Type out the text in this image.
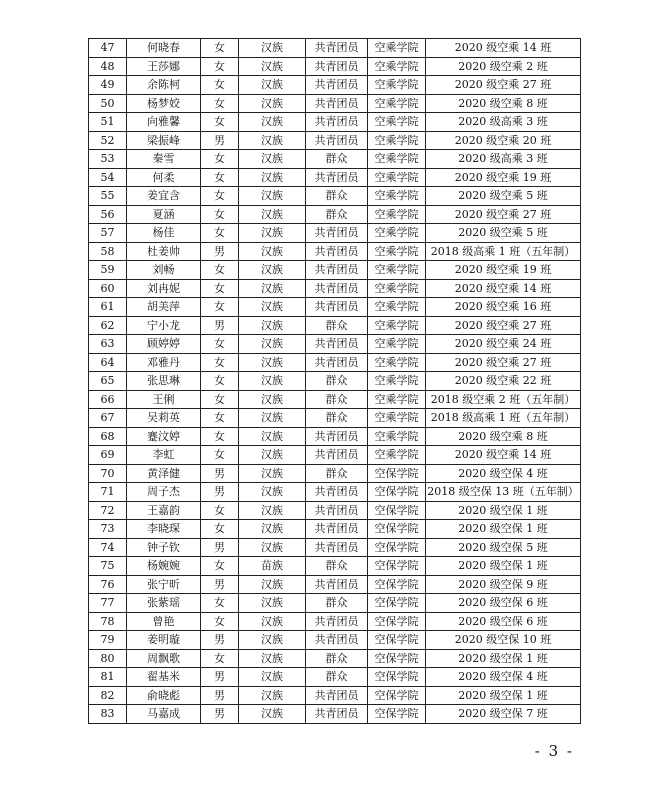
47	何晓春	女	汉族	共青团员	空乘学院	2020 级空乘 14 班
48	王莎娜	女	汉族	共青团员	空乘学院	2020 级空乘 2 班
49	余陈柯	女	汉族	共青团员	空乘学院	2020 级空乘 27 班
50	杨梦姣	女	汉族	共青团员	空乘学院	2020 级空乘 8 班
51	向雅馨	女	汉族	共青团员	空乘学院	2020 级高乘 3 班
52	梁振峰	男	汉族	共青团员	空乘学院	2020 级空乘 20 班
53	秦雪	女	汉族	群众	空乘学院	2020 级高乘 3 班
54	何柔	女	汉族	共青团员	空乘学院	2020 级空乘 19 班
55	姜宜含	女	汉族	群众	空乘学院	2020 级空乘 5 班
56	夏涵	女	汉族	群众	空乘学院	2020 级空乘 27 班
57	杨佳	女	汉族	共青团员	空乘学院	2020 级空乘 5 班
58	杜姜帅	男	汉族	共青团员	空乘学院	2018 级高乘 1 班（五年制）
59	刘畅	女	汉族	共青团员	空乘学院	2020 级空乘 19 班
60	刘冉妮	女	汉族	共青团员	空乘学院	2020 级空乘 14 班
61	胡美萍	女	汉族	共青团员	空乘学院	2020 级空乘 16 班
62	宁小龙	男	汉族	群众	空乘学院	2020 级空乘 27 班
63	顾婷婷	女	汉族	共青团员	空乘学院	2020 级空乘 24 班
64	邓雅丹	女	汉族	共青团员	空乘学院	2020 级空乘 27 班
65	张思琳	女	汉族	群众	空乘学院	2020 级空乘 22 班
66	王俐	女	汉族	群众	空乘学院	2018 级空乘 2 班（五年制）
67	吴莉英	女	汉族	群众	空乘学院	2018 级高乘 1 班（五年制）
68	蹇汶婷	女	汉族	共青团员	空乘学院	2020 级空乘 8 班
69	李虹	女	汉族	共青团员	空乘学院	2020 级空乘 14 班
70	黄泽健	男	汉族	群众	空保学院	2020 级空保 4 班
71	周子杰	男	汉族	共青团员	空保学院	2018 级空保 13 班（五年制）
72	王嘉韵	女	汉族	共青团员	空保学院	2020 级空保 1 班
73	李晓琛	女	汉族	共青团员	空保学院	2020 级空保 1 班
74	钟子钦	男	汉族	共青团员	空保学院	2020 级空保 5 班
75	杨婉婉	女	苗族	群众	空保学院	2020 级空保 1 班
76	张宁昕	男	汉族	共青团员	空保学院	2020 级空保 9 班
77	张紫瑶	女	汉族	群众	空保学院	2020 级空保 6 班
78	曾艳	女	汉族	共青团员	空保学院	2020 级空保 6 班
79	姜明璇	男	汉族	共青团员	空保学院	2020 级空保 10 班
80	周飘歌	女	汉族	群众	空保学院	2020 级空保 1 班
81	翟基米	男	汉族	群众	空保学院	2020 级空保 4 班
82	俞晓彪	男	汉族	共青团员	空保学院	2020 级空保 1 班
83	马嘉成	男	汉族	共青团员	空保学院	2020 级空保 7 班
- 3 -
